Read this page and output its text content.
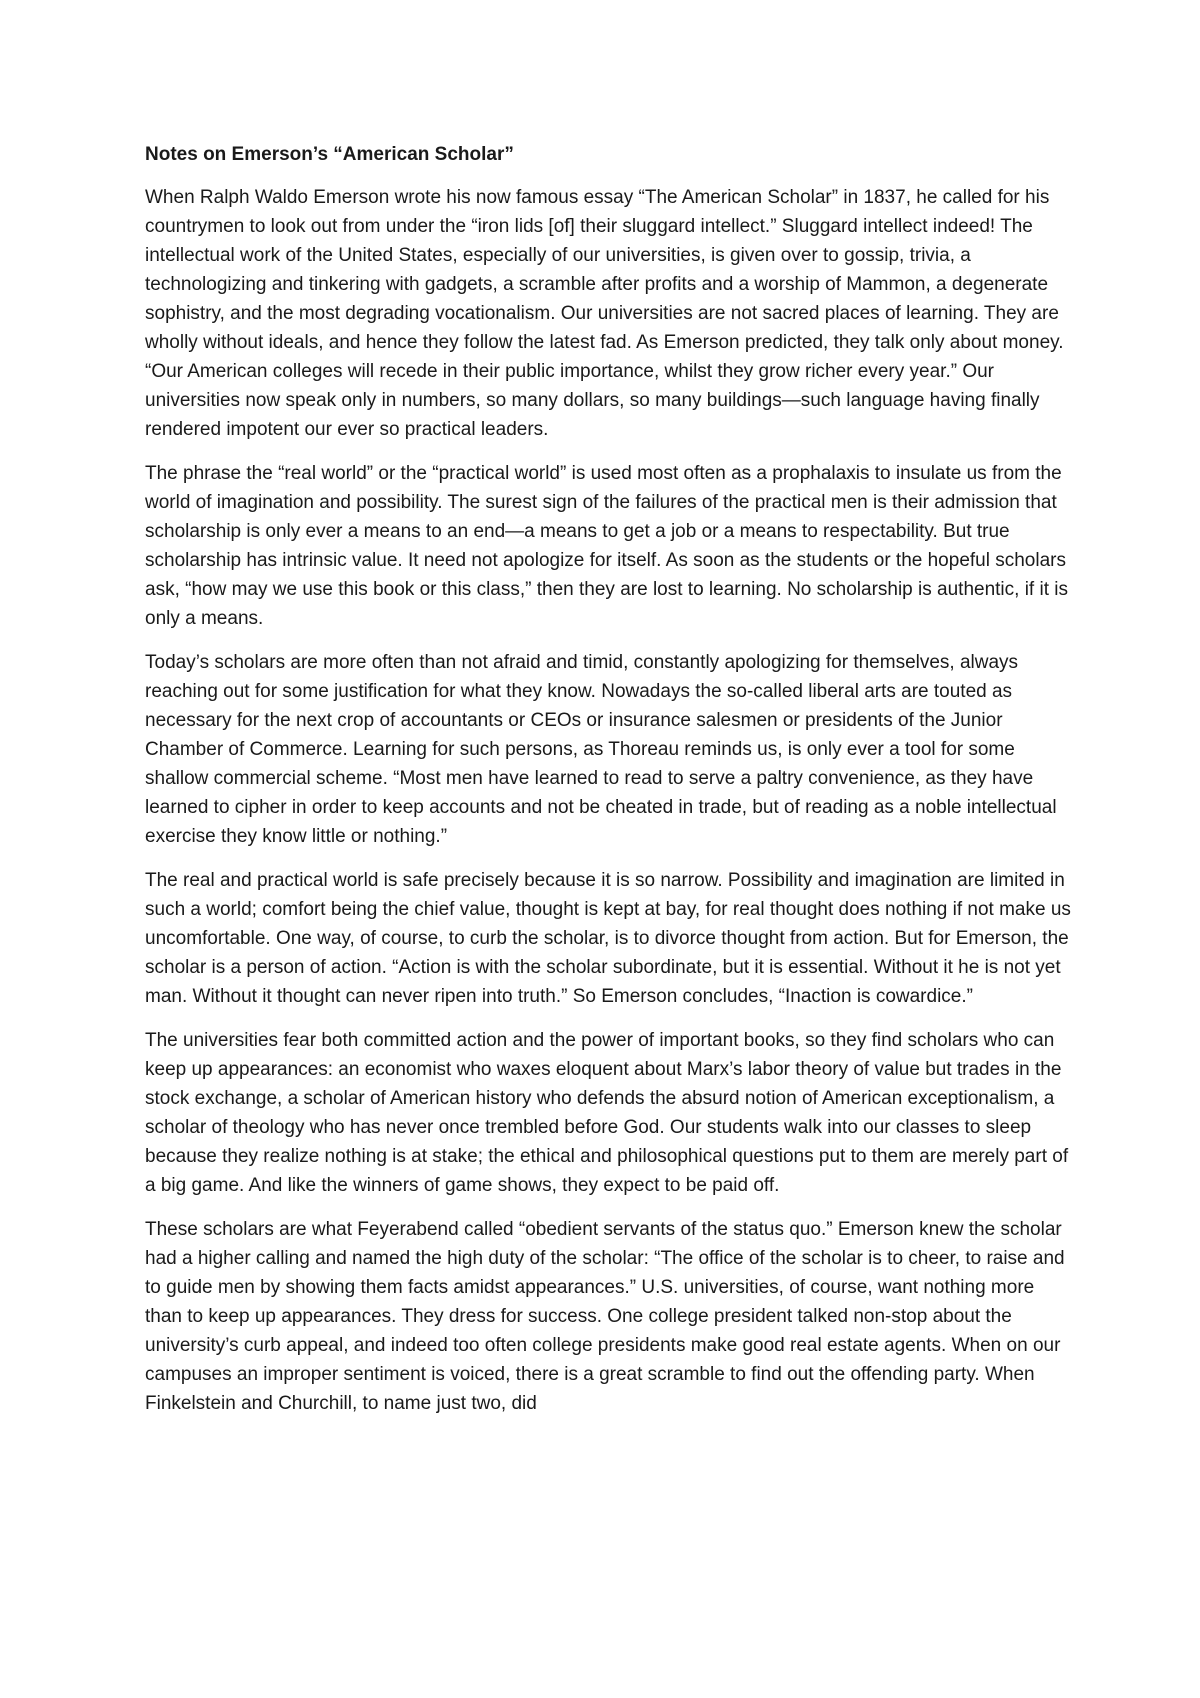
Notes on Emerson’s “American Scholar”

When Ralph Waldo Emerson wrote his now famous essay “The American Scholar” in 1837, he called for his countrymen to look out from under the “iron lids [of] their sluggard intellect.” Sluggard intellect indeed! The intellectual work of the United States, especially of our universities, is given over to gossip, trivia, a technologizing and tinkering with gadgets, a scramble after profits and a worship of Mammon, a degenerate sophistry, and the most degrading vocationalism. Our universities are not sacred places of learning. They are wholly without ideals, and hence they follow the latest fad. As Emerson predicted, they talk only about money. “Our American colleges will recede in their public importance, whilst they grow richer every year.” Our universities now speak only in numbers, so many dollars, so many buildings—such language having finally rendered impotent our ever so practical leaders.

The phrase the “real world” or the “practical world” is used most often as a prophalaxis to insulate us from the world of imagination and possibility. The surest sign of the failures of the practical men is their admission that scholarship is only ever a means to an end—a means to get a job or a means to respectability. But true scholarship has intrinsic value. It need not apologize for itself. As soon as the students or the hopeful scholars ask, “how may we use this book or this class,” then they are lost to learning. No scholarship is authentic, if it is only a means.

Today’s scholars are more often than not afraid and timid, constantly apologizing for themselves, always reaching out for some justification for what they know. Nowadays the so-called liberal arts are touted as necessary for the next crop of accountants or CEOs or insurance salesmen or presidents of the Junior Chamber of Commerce. Learning for such persons, as Thoreau reminds us, is only ever a tool for some shallow commercial scheme. “Most men have learned to read to serve a paltry convenience, as they have learned to cipher in order to keep accounts and not be cheated in trade, but of reading as a noble intellectual exercise they know little or nothing.”

The real and practical world is safe precisely because it is so narrow. Possibility and imagination are limited in such a world; comfort being the chief value, thought is kept at bay, for real thought does nothing if not make us uncomfortable. One way, of course, to curb the scholar, is to divorce thought from action. But for Emerson, the scholar is a person of action. “Action is with the scholar subordinate, but it is essential. Without it he is not yet man. Without it thought can never ripen into truth.” So Emerson concludes, “Inaction is cowardice.”

The universities fear both committed action and the power of important books, so they find scholars who can keep up appearances: an economist who waxes eloquent about Marx’s labor theory of value but trades in the stock exchange, a scholar of American history who defends the absurd notion of American exceptionalism, a scholar of theology who has never once trembled before God. Our students walk into our classes to sleep because they realize nothing is at stake; the ethical and philosophical questions put to them are merely part of a big game. And like the winners of game shows, they expect to be paid off.

These scholars are what Feyerabend called “obedient servants of the status quo.” Emerson knew the scholar had a higher calling and named the high duty of the scholar: “The office of the scholar is to cheer, to raise and to guide men by showing them facts amidst appearances.” U.S. universities, of course, want nothing more than to keep up appearances. They dress for success. One college president talked non-stop about the university’s curb appeal, and indeed too often college presidents make good real estate agents. When on our campuses an improper sentiment is voiced, there is a great scramble to find out the offending party. When Finkelstein and Churchill, to name just two, did
